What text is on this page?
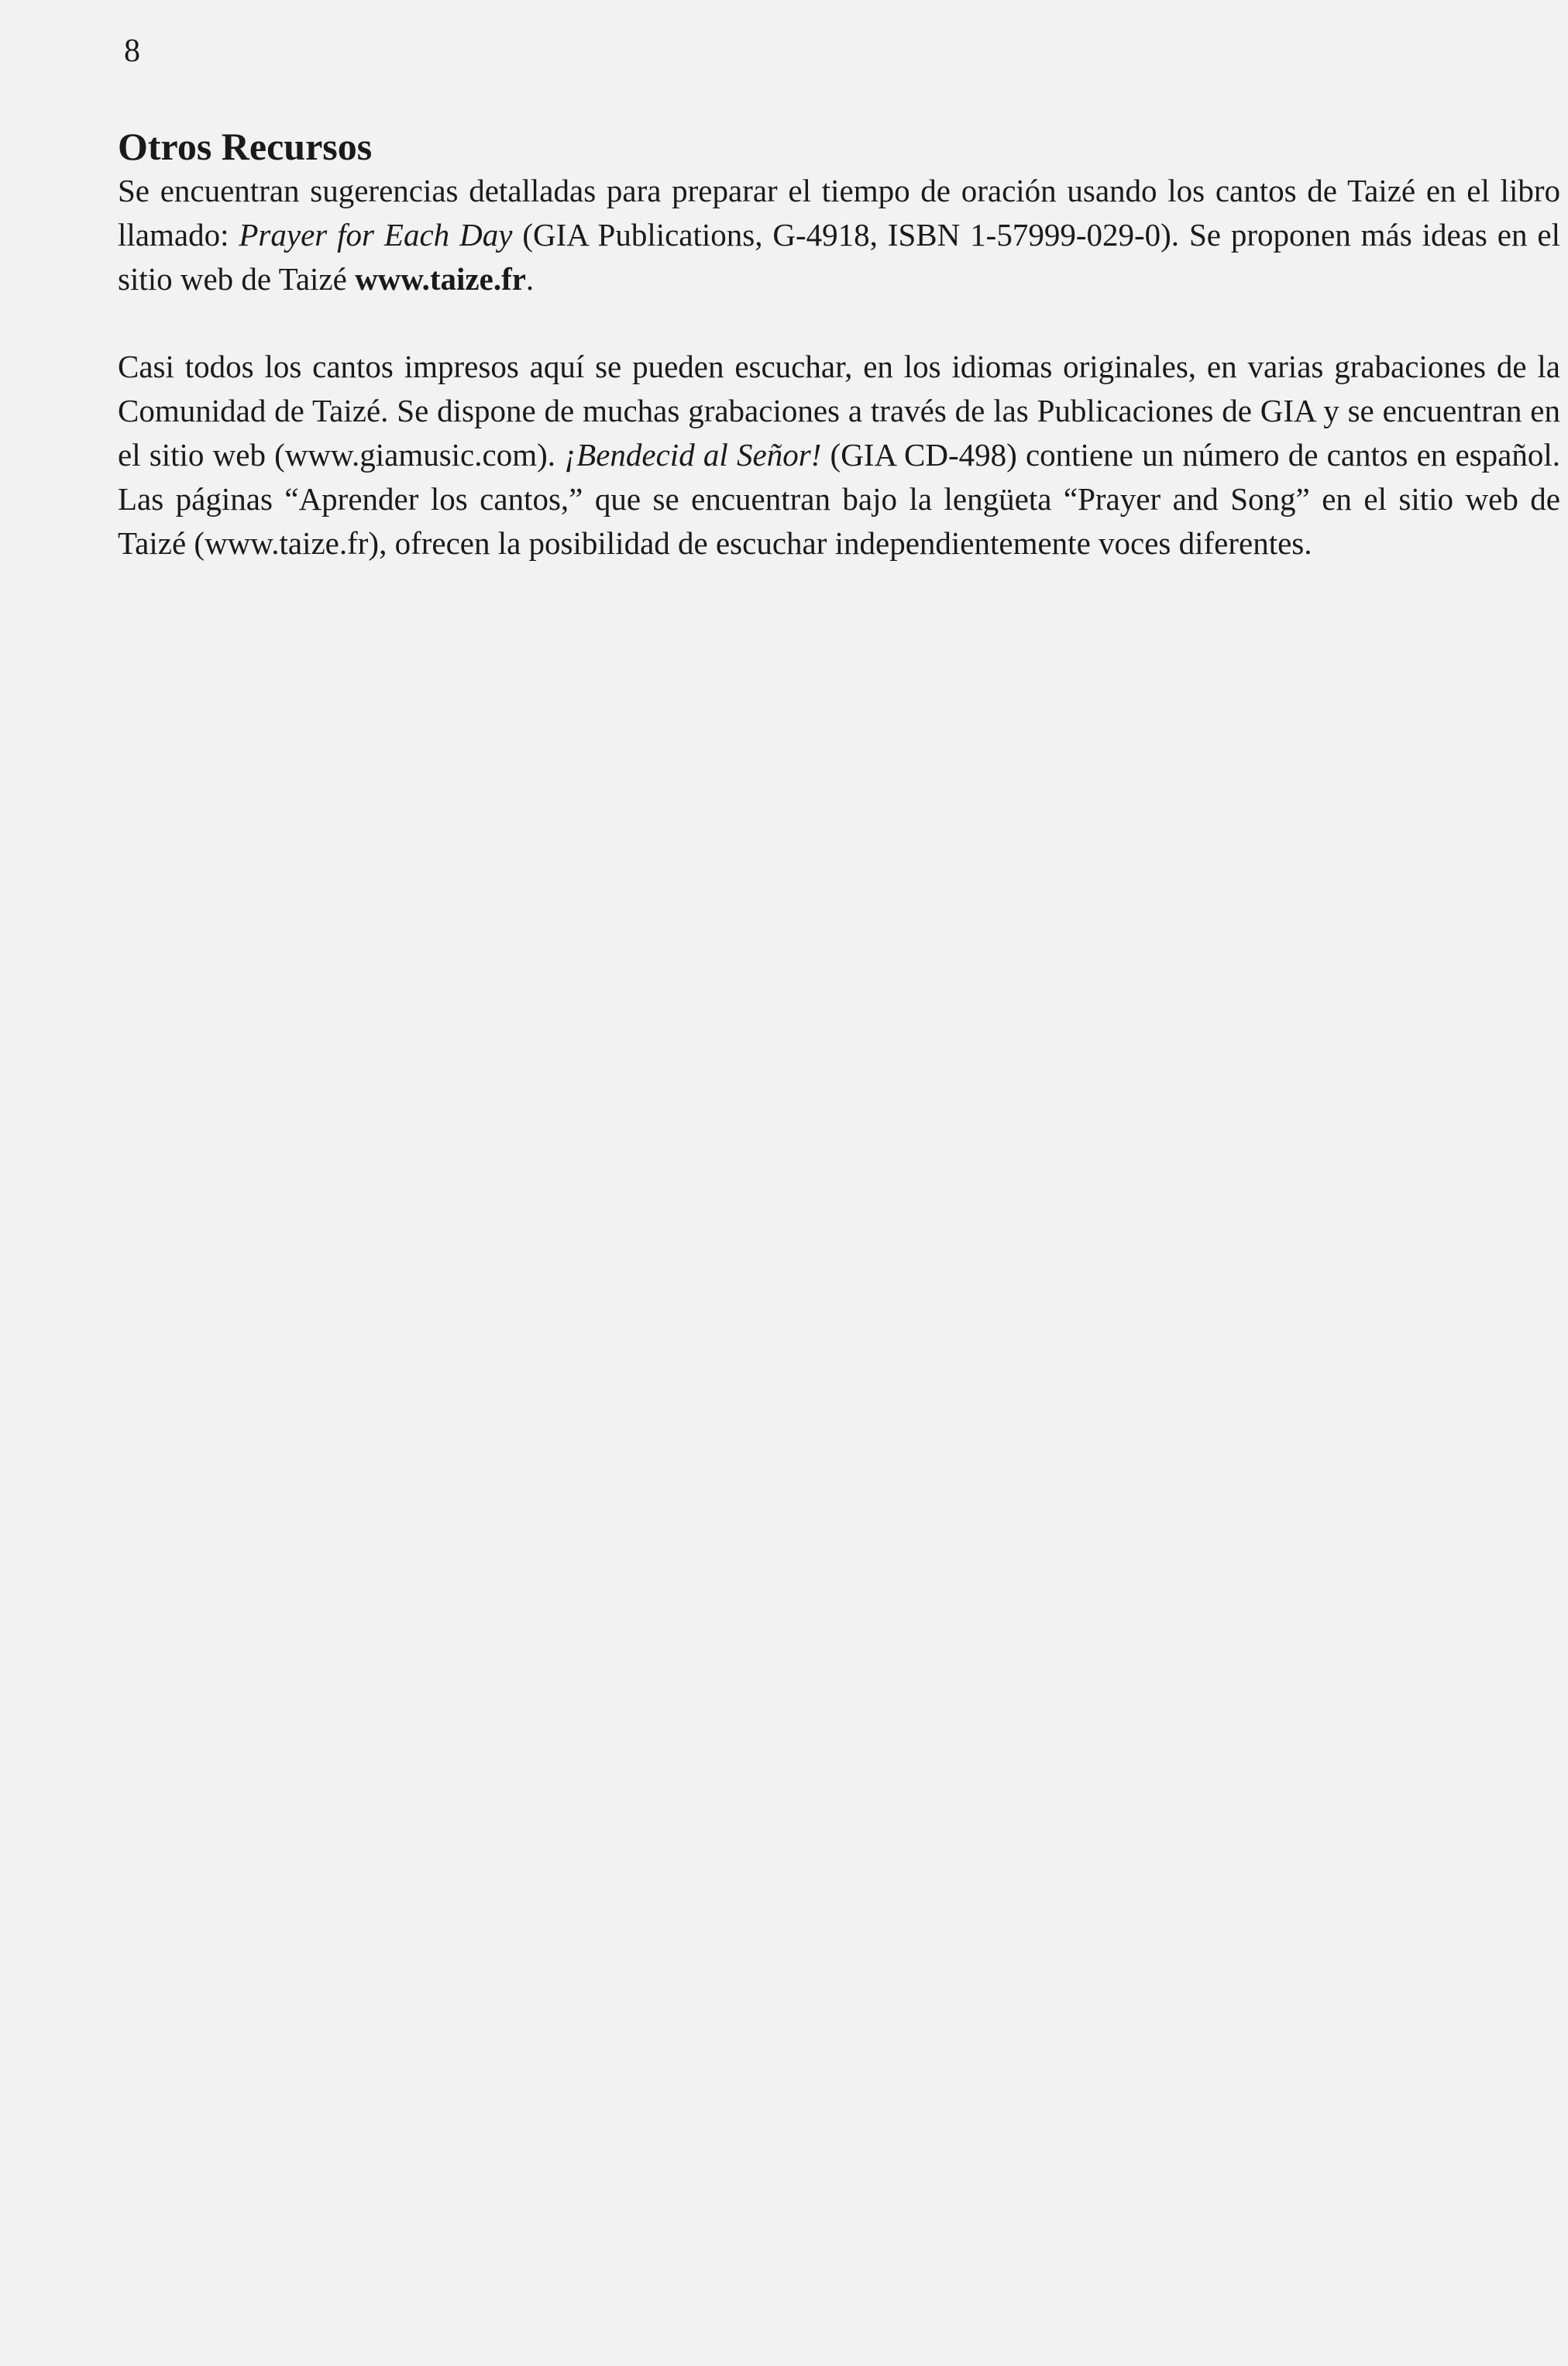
8
Otros Recursos

Se encuentran sugerencias detalladas para preparar el tiempo de oración usando los cantos de Taizé en el libro llamado: Prayer for Each Day (GIA Publications, G-4918, ISBN 1-57999-029-0). Se proponen más ideas en el sitio web de Taizé www.taize.fr.

Casi todos los cantos impresos aquí se pueden escuchar, en los idiomas originales, en varias grabaciones de la Comunidad de Taizé. Se dispone de muchas grabaciones a través de las Publicaciones de GIA y se encuentran en el sitio web (www.giamusic.com). ¡Bendecid al Señor! (GIA CD-498) contiene un número de cantos en español. Las páginas “Aprender los cantos,” que se encuentran bajo la lengüeta “Prayer and Song” en el sitio web de Taizé (www.taize.fr), ofrecen la posibilidad de escuchar independientemente voces diferentes.
